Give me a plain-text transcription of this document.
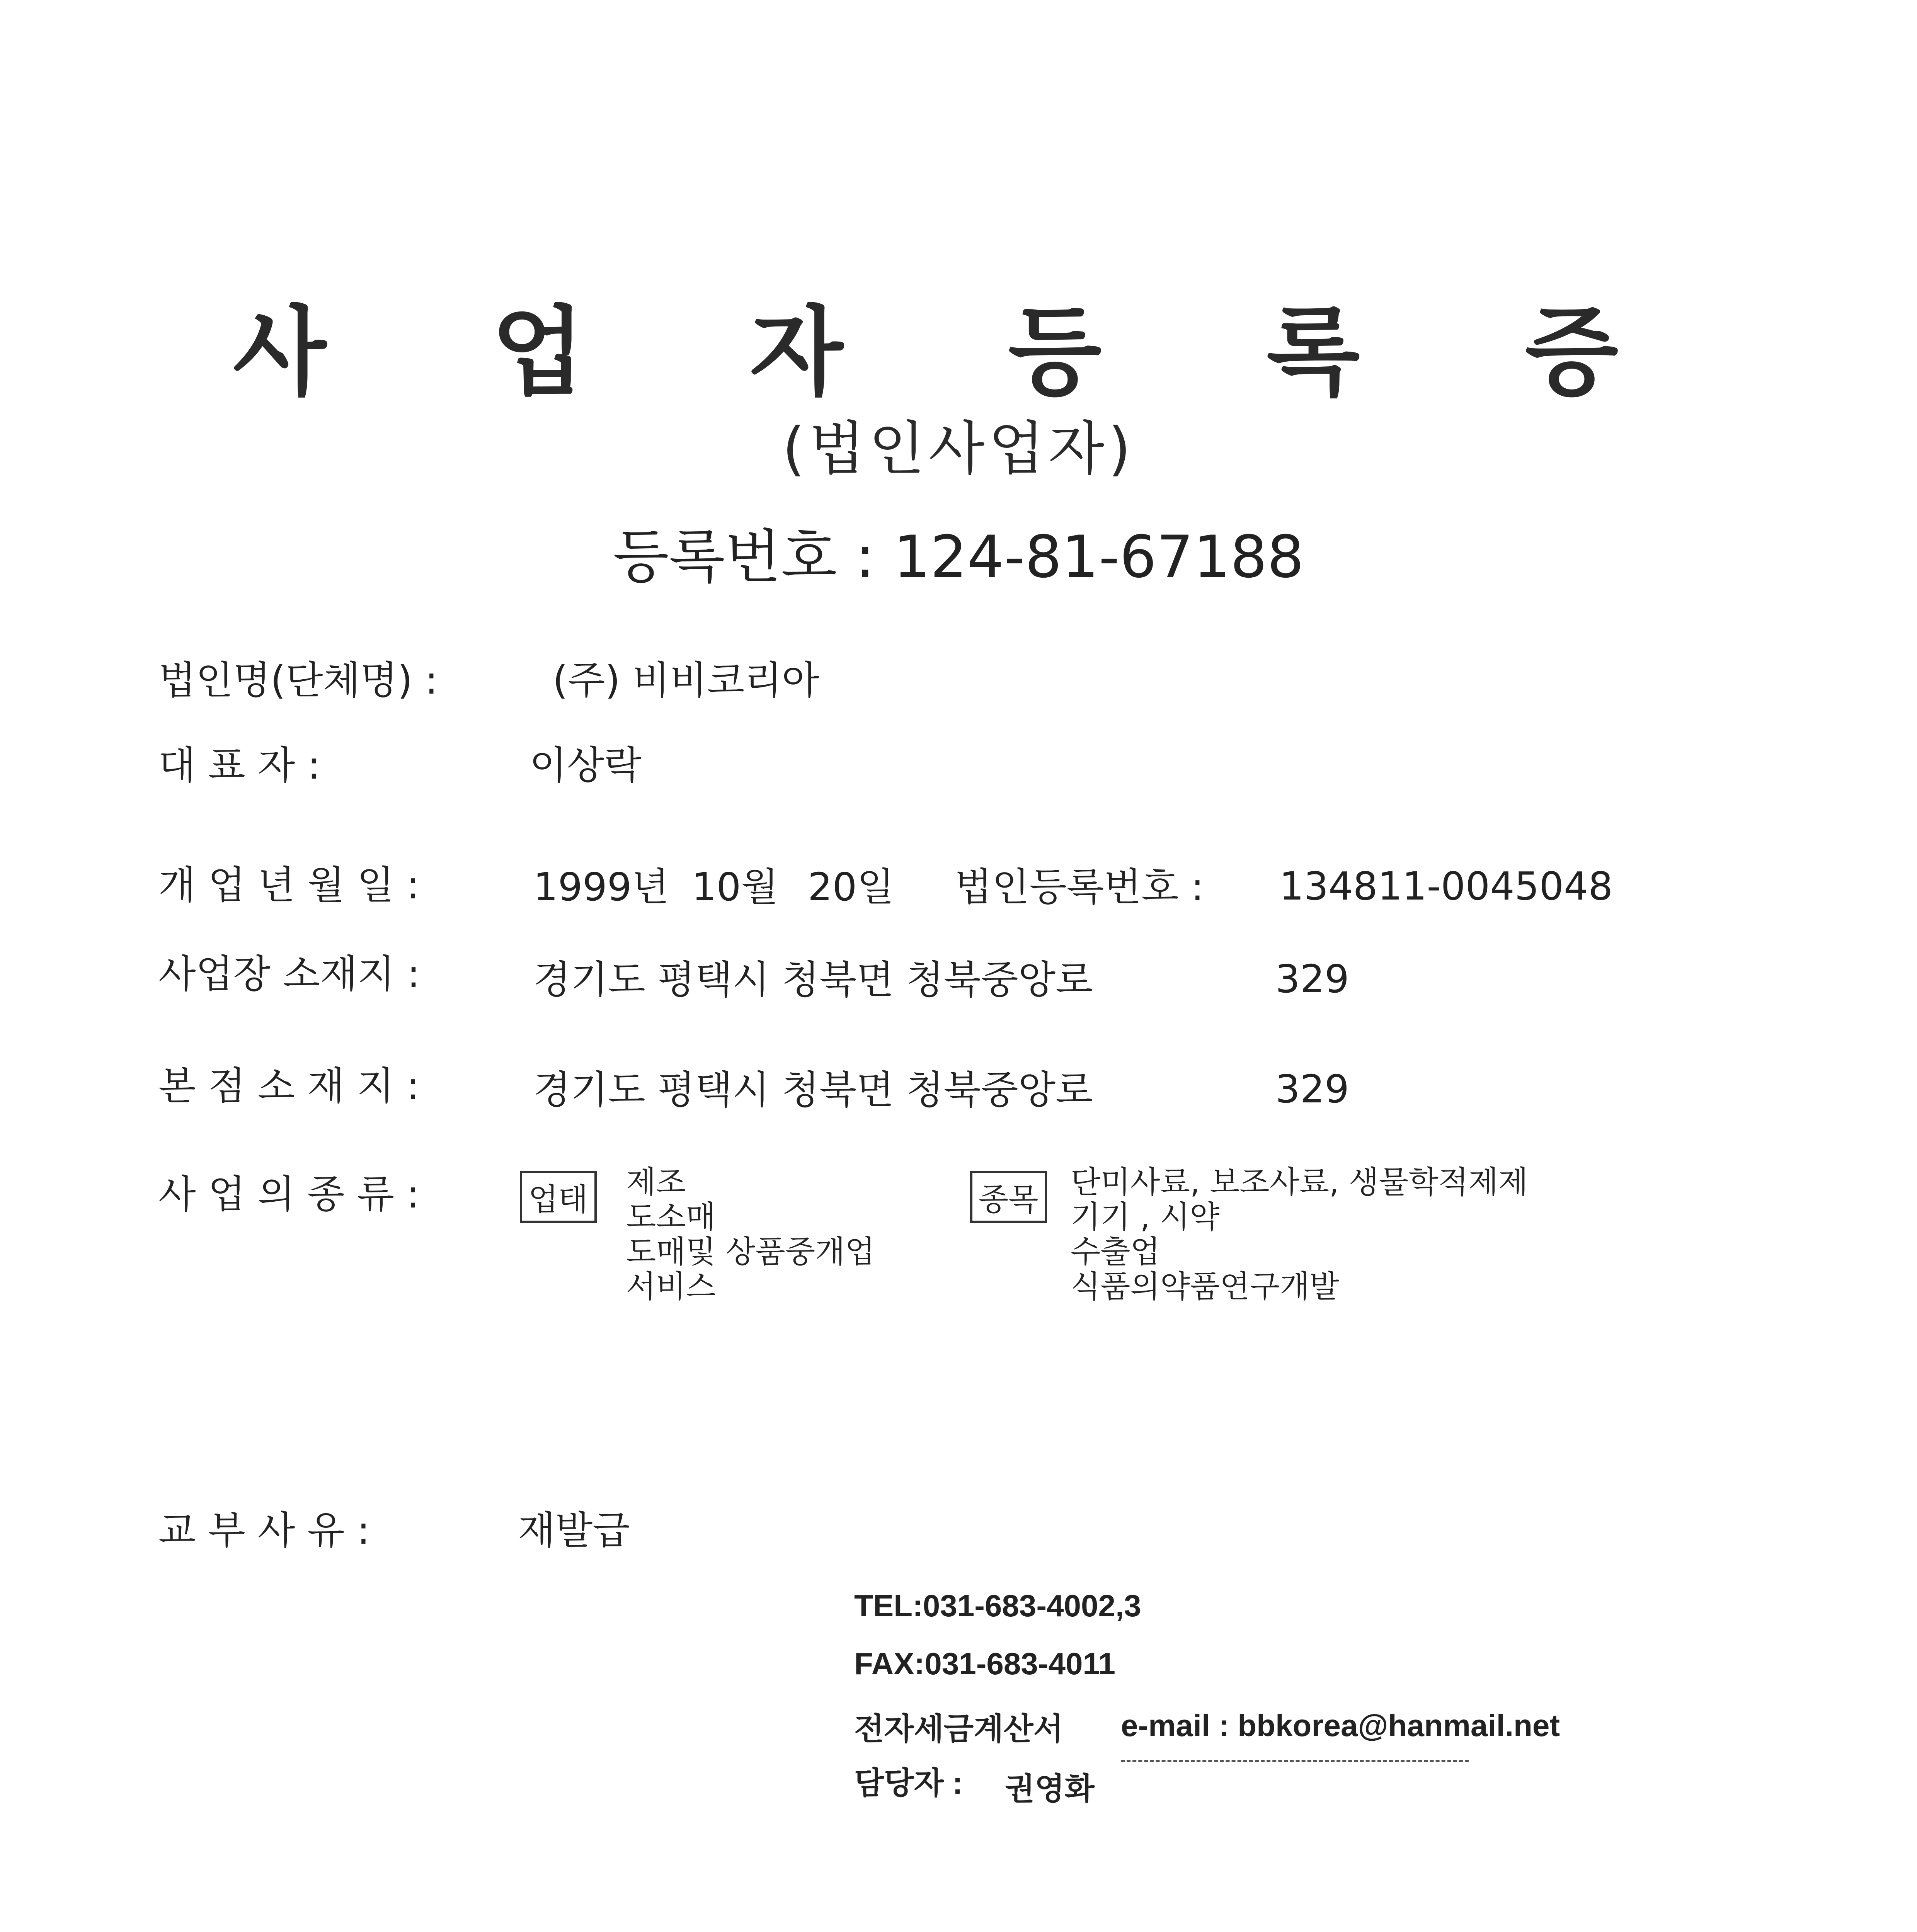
사 업 자 등 록 증
(법인사업자)
등록번호 : 124-81-67188
법인명(단체명) :	(주) 비비코리아
대 표 자 :	이상락
개 업 년 월 일 :	1999년 10월 20일 법인등록번호 : 134811-0045048
사업장 소재지 :	경기도 평택시 청북면 청북중앙로	329
본 점 소 재 지 :	경기도 평택시 청북면 청북중앙로	329
사 업 의 종 류 :	업태 제조
도소매
도매및 상품중개업
서비스
종목 단미사료, 보조사료, 생물학적제제
기기 , 시약
수출업
식품의약품연구개발
교 부 사 유 :	재발급
TEL:031-683-4002,3
FAX:031-683-4011
전자세금계산서 e-mail : bbkorea@hanmail.net
담당자 : 권영화
